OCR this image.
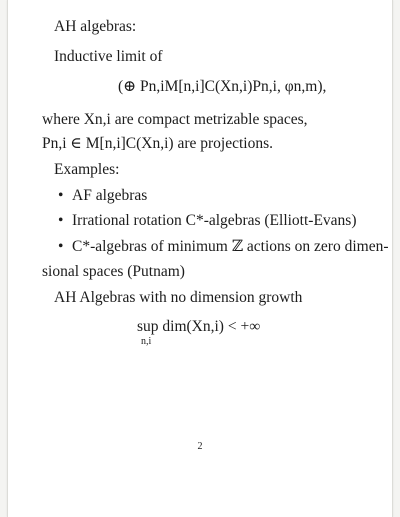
AH algebras:
Inductive limit of
(⊕ Pn,iM[n,i]C(Xn,i)Pn,i, φn,m),
where Xn,i are compact metrizable spaces,
Pn,i ∈ M[n,i]C(Xn,i) are projections.
Examples:
• AF algebras
• Irrational rotation C*-algebras (Elliott-Evans)
• C*-algebras of minimum ℤ actions on zero dimen-
sional spaces (Putnam)
AH Algebras with no dimension growth
sup dim(Xn,i) < +∞
n,i
2
